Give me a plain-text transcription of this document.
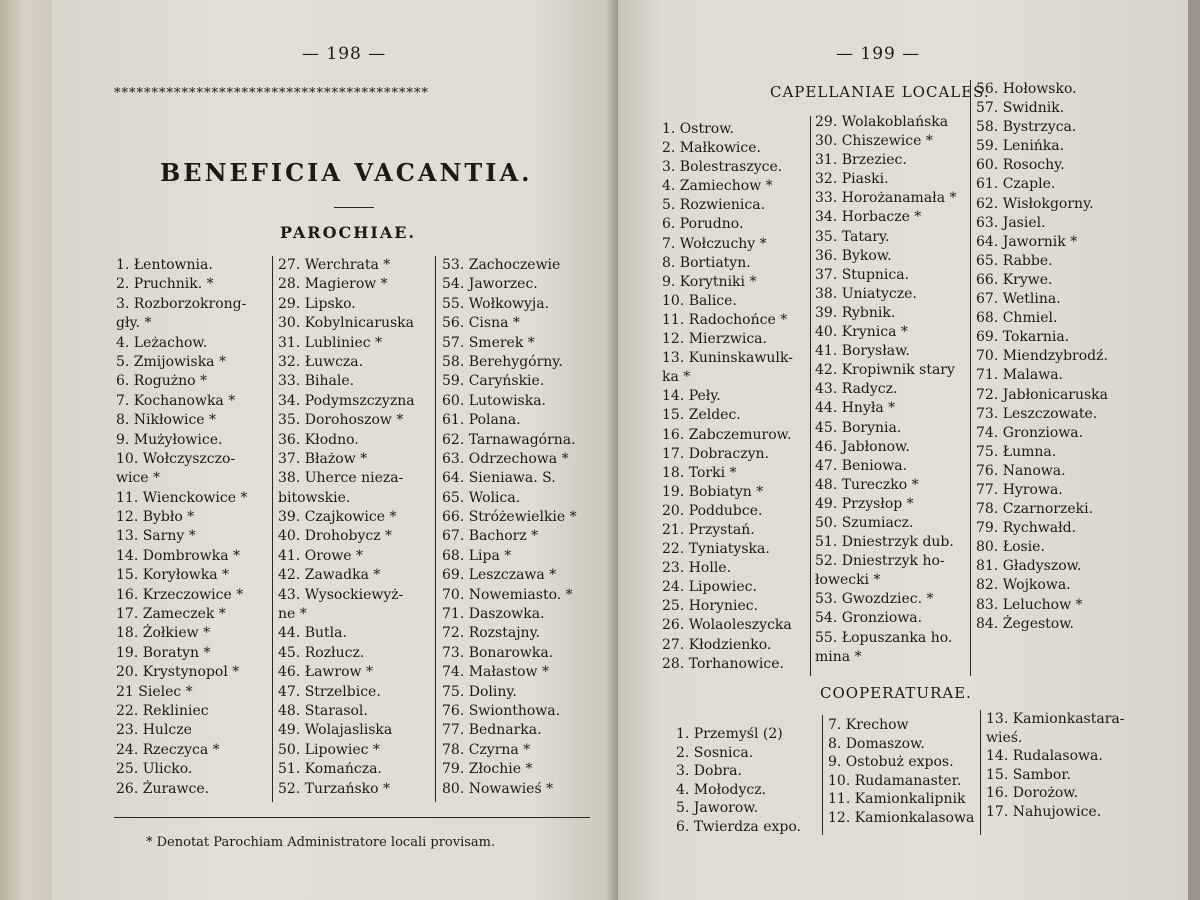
— 198 —
******************************************
BENEFICIA VACANTIA.
PAROCHIAE.
1. Łentownia.
2. Pruchnik. *
3. Rozborzokrong-
gły. *
4. Leżachow.
5. Zmijowiska *
6. Rogużno *
7. Kochanowka *
8. Nikłowice *
9. Mużyłowice.
10. Wołczyszczo-
wice *
11. Wienckowice *
12. Bybło *
13. Sarny *
14. Dombrowka *
15. Koryłowka *
16. Krzeczowice *
17. Zameczek *
18. Żołkiew *
19. Boratyn *
20. Krystynopol *
21 Sielec *
22. Rekliniec
23. Hulcze
24. Rzeczyca *
25. Ulicko.
26. Żurawce.
27. Werchrata *
28. Magierow *
29. Lipsko.
30. Kobylnicaruska
31. Lubliniec *
32. Łuwcza.
33. Bihale.
34. Podymszczyzna
35. Dorohoszow *
36. Kłodno.
37. Błażow *
38. Uherce nieza-
bitowskie.
39. Czajkowice *
40. Drohobycz *
41. Orowe *
42. Zawadka *
43. Wysockiewyż-
ne *
44. Butla.
45. Rozłucz.
46. Ławrow *
47. Strzelbice.
48. Starasol.
49. Wolajasliska
50. Lipowiec *
51. Komańcza.
52. Turzańsko *
53. Zachoczewie
54. Jaworzec.
55. Wołkowyja.
56. Cisna *
57. Smerek *
58. Berehygórny.
59. Caryńskie.
60. Lutowiska.
61. Polana.
62. Tarnawagórna.
63. Odrzechowa *
64. Sieniawa. S.
65. Wolica.
66. Stróżewielkie *
67. Bachorz *
68. Lipa *
69. Leszczawa *
70. Nowemiasto. *
71. Daszowka.
72. Rozstajny.
73. Bonarowka.
74. Małastow *
75. Doliny.
76. Swionthowa.
77. Bednarka.
78. Czyrna *
79. Złochie *
80. Nowawieś *
* Denotat Parochiam Administratore locali provisam.
— 199 —
CAPELLANIAE LOCALES.
1. Ostrow.
2. Małkowice.
3. Bolestraszyce.
4. Zamiechow *
5. Rozwienica.
6. Porudno.
7. Wołczuchy *
8. Bortiatyn.
9. Korytniki *
10. Balice.
11. Radochońce *
12. Mierzwica.
13. Kuninskawulk-
ka *
14. Peły.
15. Zeldec.
16. Zabczemurow.
17. Dobraczyn.
18. Torki *
19. Bobiatyn *
20. Poddubce.
21. Przystań.
22. Tyniatyska.
23. Holle.
24. Lipowiec.
25. Horyniec.
26. Wolaoleszycka
27. Kłodzienko.
28. Torhanowice.
29. Wolakoblańska
30. Chiszewice *
31. Brzeziec.
32. Piaski.
33. Horożanamała *
34. Horbacze *
35. Tatary.
36. Bykow.
37. Stupnica.
38. Uniatycze.
39. Rybnik.
40. Krynica *
41. Borysław.
42. Kropiwnik stary
43. Radycz.
44. Hnyła *
45. Borynia.
46. Jabłonow.
47. Beniowa.
48. Tureczko *
49. Przysłop *
50. Szumiacz.
51. Dniestrzyk dub.
52. Dniestrzyk ho-
łowecki *
53. Gwozdziec. *
54. Gronziowa.
55. Łopuszanka ho.
mina *
56. Hołowsko.
57. Swidnik.
58. Bystrzyca.
59. Lenińka.
60. Rosochy.
61. Czaple.
62. Wisłokgorny.
63. Jasiel.
64. Jawornik *
65. Rabbe.
66. Krywe.
67. Wetlina.
68. Chmiel.
69. Tokarnia.
70. Miendzybrodź.
71. Malawa.
72. Jabłonicaruska
73. Leszczowate.
74. Gronziowa.
75. Łumna.
76. Nanowa.
77. Hyrowa.
78. Czarnorzeki.
79. Rychwałd.
80. Łosie.
81. Gładyszow.
82. Wojkowa.
83. Leluchow *
84. Żegestow.
COOPERATURAE.
1. Przemyśl (2)
2. Sosnica.
3. Dobra.
4. Mołodycz.
5. Jaworow.
6. Twierdza expo.
7. Krechow
8. Domaszow.
9. Ostobuż expos.
10. Rudamanaster.
11. Kamionkalipnik
12. Kamionkalasowa
13. Kamionkastara-
wieś.
14. Rudalasowa.
15. Sambor.
16. Dorożow.
17. Nahujowice.
